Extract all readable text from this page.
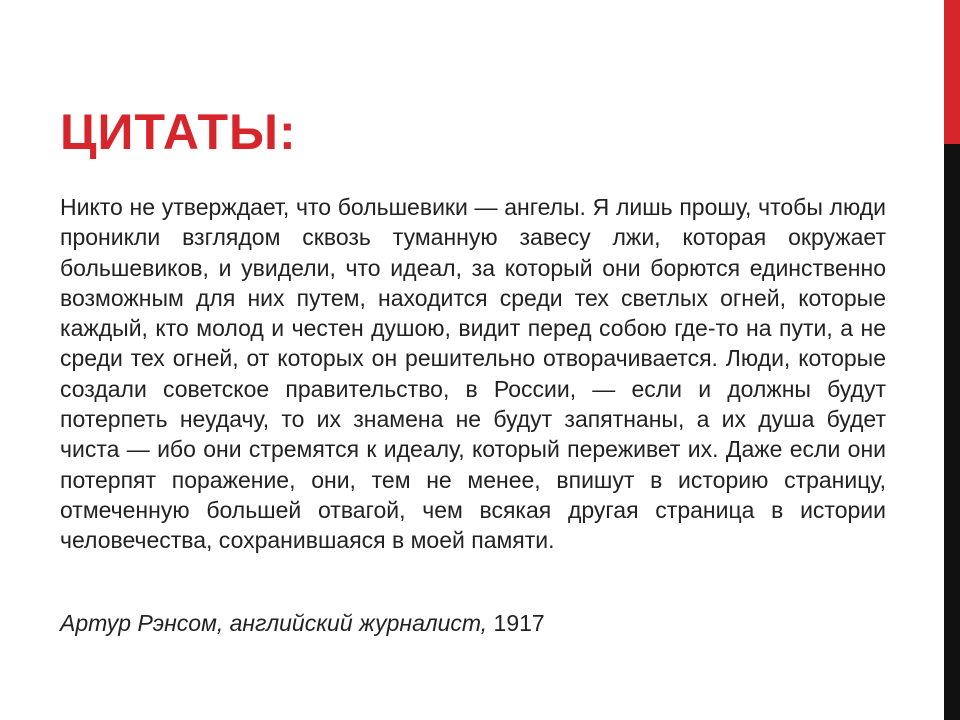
ЦИТАТЫ:

Никто не утверждает, что большевики — ангелы. Я лишь прошу, чтобы люди проникли взглядом сквозь туманную завесу лжи, которая окружает большевиков, и увидели, что идеал, за который они борются единственно возможным для них путем, находится среди тех светлых огней, которые каждый, кто молод и честен душою, видит перед собою где-то на пути, а не среди тех огней, от которых он решительно отворачивается. Люди, которые создали советское правительство, в России, — если и должны будут потерпеть неудачу, то их знамена не будут запятнаны, а их душа будет чиста — ибо они стремятся к идеалу, который переживет их. Даже если они потерпят поражение, они, тем не менее, впишут в историю страницу, отмеченную большей отвагой, чем всякая другая страница в истории человечества, сохранившаяся в моей памяти.

Артур Рэнсом, английский журналист, 1917
